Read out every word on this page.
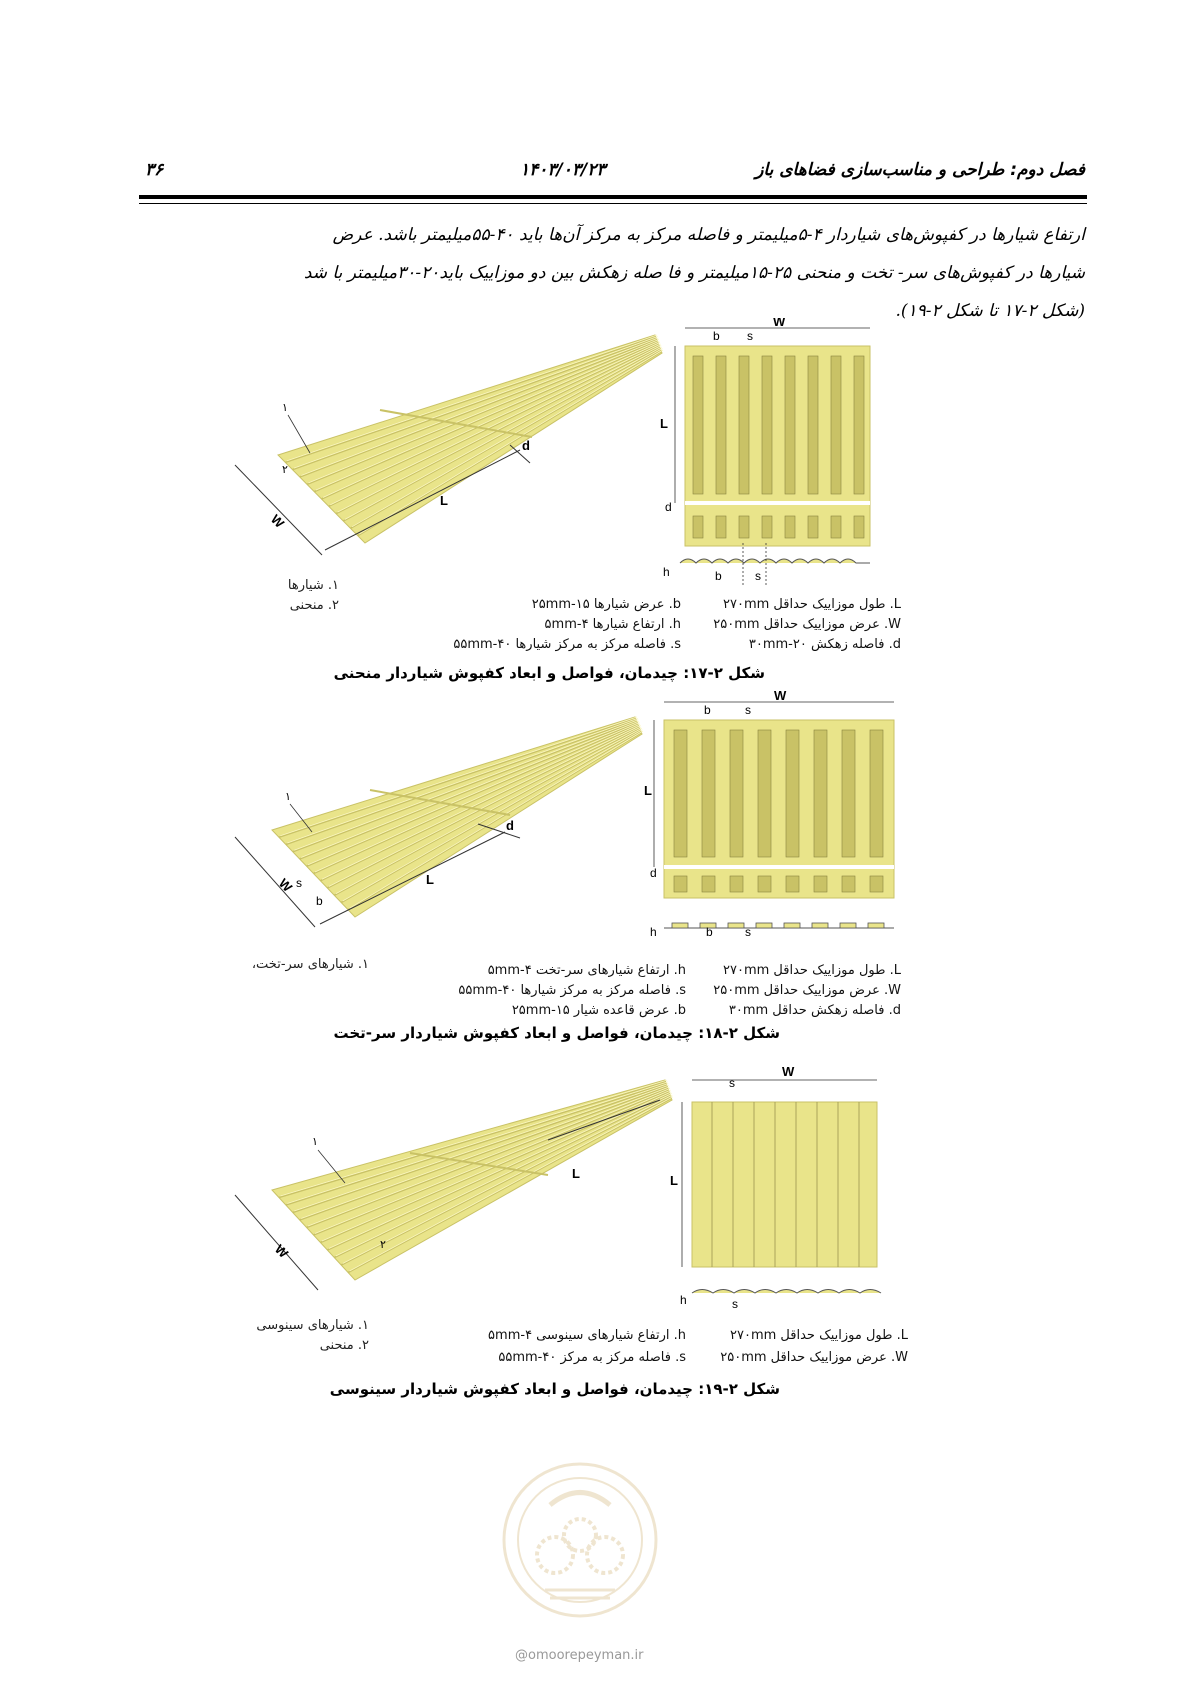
فصل دوم: طراحی و مناسب‌سازی فضاهای باز
۱۴۰۳/۰۳/۲۳
۳۶

ارتفاع شیارها در کفپوش‌های شیاردار ۴-۵میلیمتر و فاصله مرکز به مرکز آن‌ها باید ۴۰-۵۵میلیمتر باشد. عرض

شیارها در کفپوش‌های سر- تخت و منحنی ۲۵-۱۵میلیمتر و فا صله زهکش بین دو موزاییک باید۲۰-۳۰میلیمتر با شد

(شکل ۲-۱۷ تا شکل ۲-۱۹).

W
L
d
۱
۲
W
b s
L
d
h	b	s
۱. شیارها
۲. منحنی	L. طول موزاییک حداقل ۲۷۰mm
W. عرض موزاییک حداقل ۲۵۰mm
d. فاصله زهکش ۲۰-۳۰mm
b. عرض شیارها ۱۵-۲۵mm
h. ارتفاع شیارها ۴-۵mm
s. فاصله مرکز به مرکز شیارها ۴۰-۵۵mm
شکل ۲-۱۷: چیدمان، فواصل و ابعاد کفپوش شیاردار منحنی
W	L
d
s
b
۱
W
b	s
L
d
h	b	s
۱. شیارهای سر-تخت،	L. طول موزاییک حداقل ۲۷۰mm
W. عرض موزاییک حداقل ۲۵۰mm
d. فاصله زهکش حداقل ۳۰mm
h. ارتفاع شیارهای سر-تخت ۴-۵mm
s. فاصله مرکز به مرکز شیارها ۴۰-۵۵mm
b. عرض قاعده شیار ۱۵-۲۵mm
شکل ۲-۱۸: چیدمان، فواصل و ابعاد کفپوش شیاردار سر-تخت
W
L
۱
۲
W
s
L
h	s
۱. شیارهای سینوسی
۲. منحنی
L. طول موزاییک حداقل ۲۷۰mm
W. عرض موزاییک حداقل ۲۵۰mm
h. ارتفاع شیارهای سینوسی ۴-۵mm
s. فاصله مرکز به مرکز ۴۰-۵۵mm
شکل ۲-۱۹: چیدمان، فواصل و ابعاد کفپوش شیاردار سینوسی
@omoorepeyman.ir
